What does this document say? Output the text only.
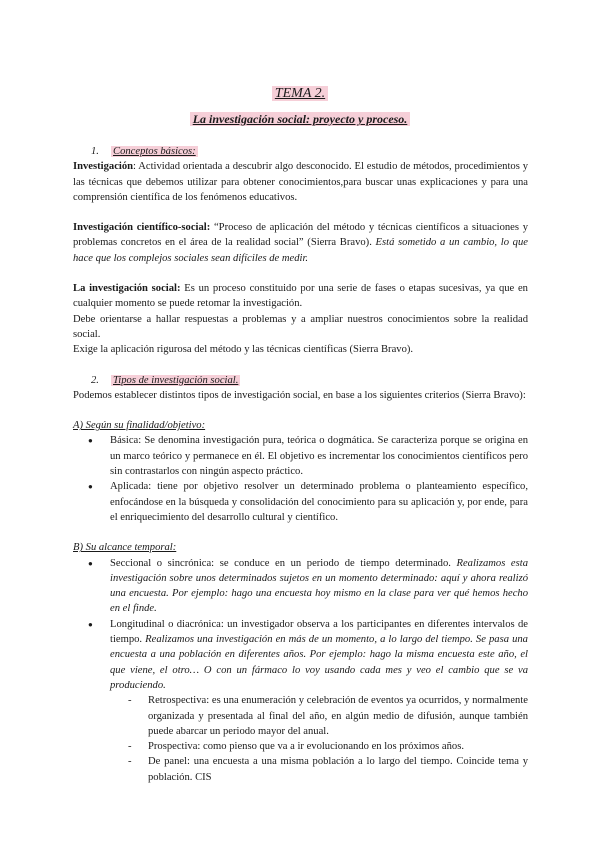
TEMA 2.
La investigación social: proyecto y proceso.

1. Conceptos básicos:

Investigación: Actividad orientada a descubrir algo desconocido. El estudio de métodos, procedimientos y las técnicas que debemos utilizar para obtener conocimientos,para buscar unas explicaciones y para una comprensión científica de los fenómenos educativos.

Investigación científico-social: “Proceso de aplicación del método y técnicas científicos a situaciones y problemas concretos en el área de la realidad social” (Sierra Bravo). Está sometido a un cambio, lo que hace que los complejos sociales sean difíciles de medir.

La investigación social: Es un proceso constituido por una serie de fases o etapas sucesivas, ya que en cualquier momento se puede retomar la investigación.

Debe orientarse a hallar respuestas a problemas y a ampliar nuestros conocimientos sobre la realidad social.

Exige la aplicación rigurosa del método y las técnicas científicas (Sierra Bravo).

2. Tipos de investigación social.

Podemos establecer distintos tipos de investigación social, en base a los siguientes criterios (Sierra Bravo):

A) Según su finalidad/objetivo:

● Básica: Se denomina investigación pura, teórica o dogmática. Se caracteriza porque se origina en un marco teórico y permanece en él. El objetivo es incrementar los conocimientos científicos pero sin contrastarlos con ningún aspecto práctico.
● Aplicada: tiene por objetivo resolver un determinado problema o planteamiento específico, enfocándose en la búsqueda y consolidación del conocimiento para su aplicación y, por ende, para el enriquecimiento del desarrollo cultural y científico.

B) Su alcance temporal:

● Seccional o sincrónica: se conduce en un periodo de tiempo determinado. Realizamos esta investigación sobre unos determinados sujetos en un momento determinado: aquí y ahora realizó una encuesta. Por ejemplo: hago una encuesta hoy mismo en la clase para ver qué hemos hecho en el finde.
● Longitudinal o diacrónica: un investigador observa a los participantes en diferentes intervalos de tiempo. Realizamos una investigación en más de un momento, a lo largo del tiempo. Se pasa una encuesta a una población en diferentes años. Por ejemplo: hago la misma encuesta este año, el que viene, el otro… O con un fármaco lo voy usando cada mes y veo el cambio que se va produciendo.
- Retrospectiva: es una enumeración y celebración de eventos ya ocurridos, y normalmente organizada y presentada al final del año, en algún medio de difusión, aunque también puede abarcar un periodo mayor del anual.
- Prospectiva: como pienso que va a ir evolucionando en los próximos años.
- De panel: una encuesta a una misma población a lo largo del tiempo. Coincide tema y población. CIS
